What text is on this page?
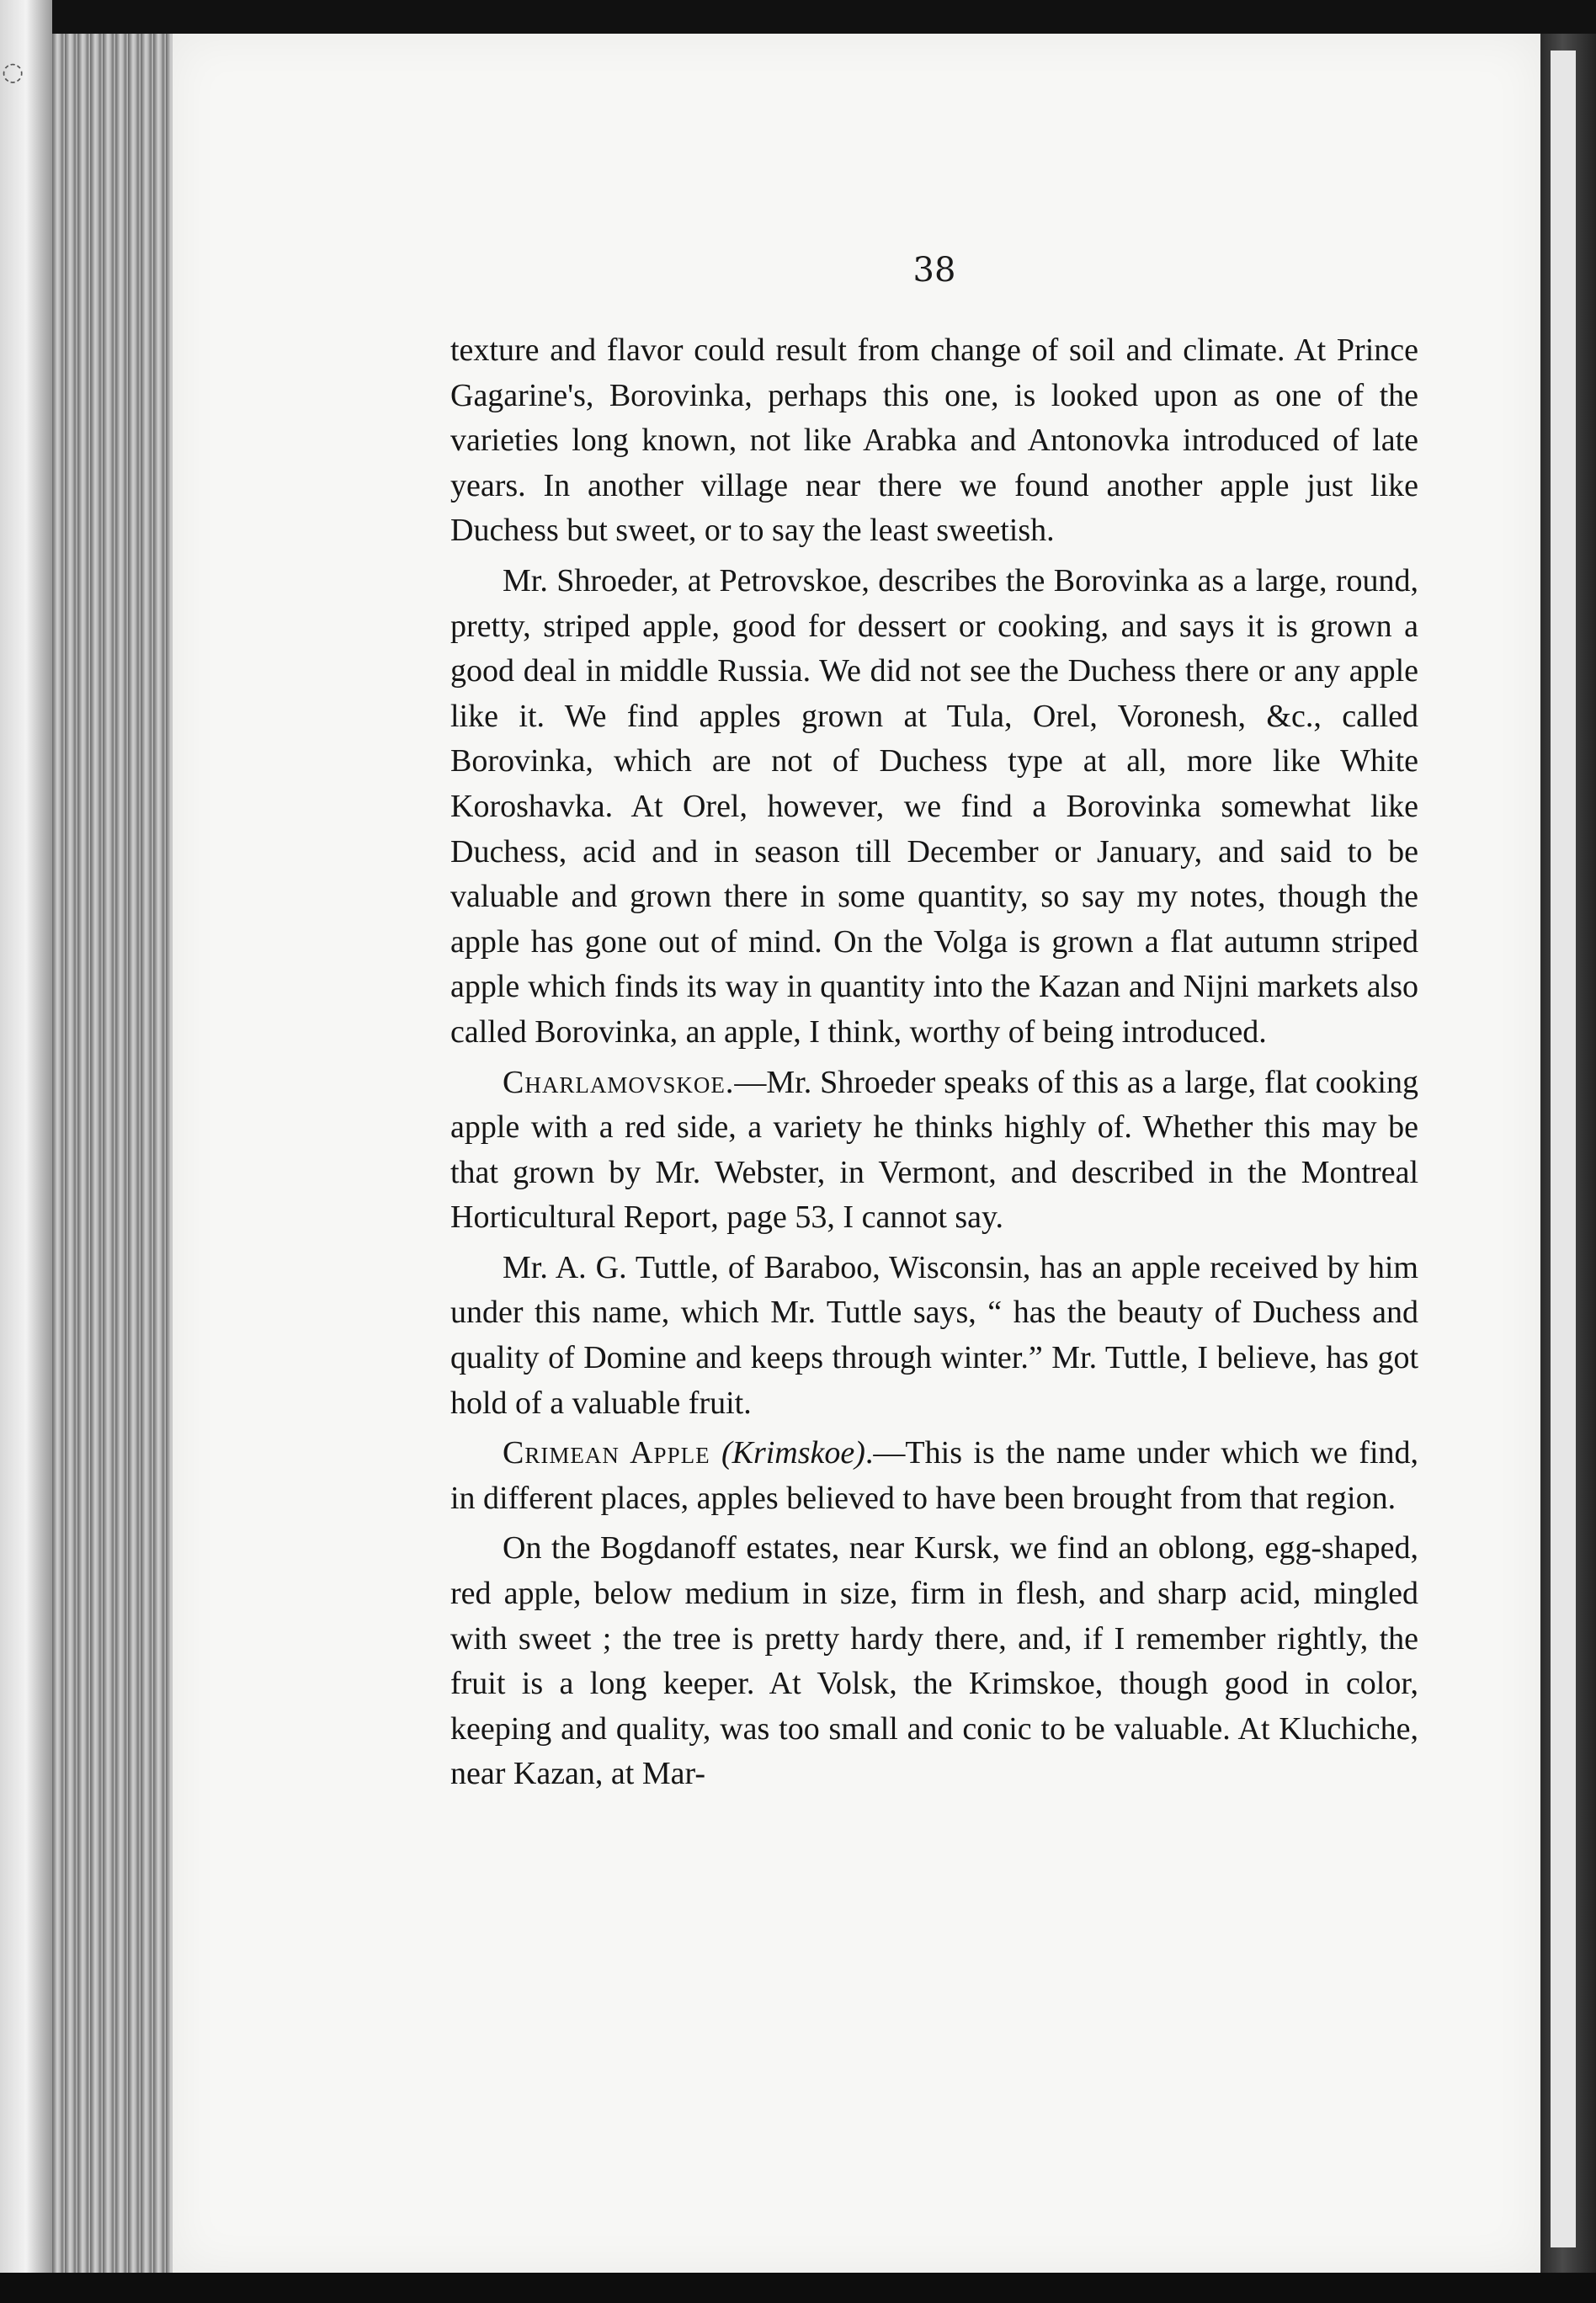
◌
38

texture and flavor could result from change of soil and climate. At Prince Gagarine's, Borovinka, perhaps this one, is looked upon as one of the varieties long known, not like Arabka and Antonovka introduced of late years. In another village near there we found another apple just like Duchess but sweet, or to say the least sweetish.

Mr. Shroeder, at Petrovskoe, describes the Borovinka as a large, round, pretty, striped apple, good for dessert or cooking, and says it is grown a good deal in middle Russia. We did not see the Duchess there or any apple like it. We find apples grown at Tula, Orel, Voronesh, &c., called Borovinka, which are not of Duchess type at all, more like White Koroshavka. At Orel, however, we find a Borovinka somewhat like Duchess, acid and in season till December or January, and said to be valuable and grown there in some quantity, so say my notes, though the apple has gone out of mind. On the Volga is grown a flat autumn striped apple which finds its way in quantity into the Kazan and Nijni markets also called Borovinka, an apple, I think, worthy of being introduced.

Charlamovskoe.—Mr. Shroeder speaks of this as a large, flat cooking apple with a red side, a variety he thinks highly of. Whether this may be that grown by Mr. Webster, in Vermont, and described in the Montreal Horticultural Report, page 53, I cannot say.

Mr. A. G. Tuttle, of Baraboo, Wisconsin, has an apple received by him under this name, which Mr. Tuttle says, “ has the beauty of Duchess and quality of Domine and keeps through winter.” Mr. Tuttle, I believe, has got hold of a valuable fruit.

Crimean Apple (Krimskoe).—This is the name under which we find, in different places, apples believed to have been brought from that region.

On the Bogdanoff estates, near Kursk, we find an oblong, egg-shaped, red apple, below medium in size, firm in flesh, and sharp acid, mingled with sweet ; the tree is pretty hardy there, and, if I remember rightly, the fruit is a long keeper. At Volsk, the Krimskoe, though good in color, keeping and quality, was too small and conic to be valuable. At Kluchiche, near Kazan, at Mar-
